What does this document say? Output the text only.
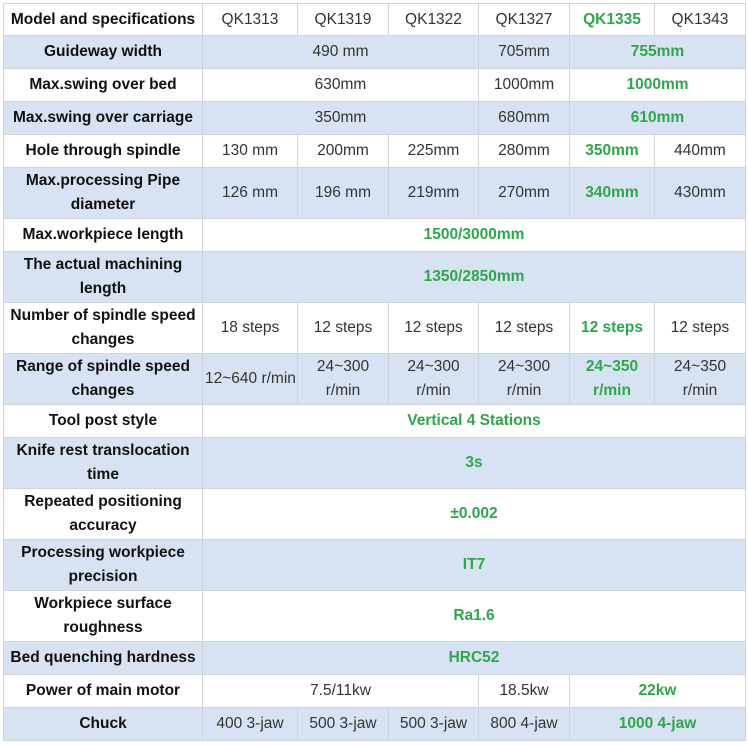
Model and specifications	QK1313	QK1319	QK1322	QK1327	QK1335	QK1343
Guideway width	490 mm			705mm	755mm	
Max.swing over bed	630mm			1000mm	1000mm	
Max.swing over carriage	350mm			680mm	610mm	
Hole through spindle	130 mm	200mm	225mm	280mm	350mm	440mm
Max.processing Pipe diameter	126 mm	196 mm	219mm	270mm	340mm	430mm
Max.workpiece length	1500/3000mm					
The actual machining length	1350/2850mm					
Number of spindle speed changes	18 steps	12 steps	12 steps	12 steps	12 steps	12 steps
Range of spindle speed changes	12~640 r/min	24~300 r/min	24~300 r/min	24~300 r/min	24~350 r/min	24~350 r/min
Tool post style	Vertical 4 Stations					
Knife rest translocation time	3s					
Repeated positioning accuracy	±0.002					
Processing workpiece precision	IT7					
Workpiece surface roughness	Ra1.6					
Bed quenching hardness	HRC52					
Power of main motor	7.5/11kw			18.5kw	22kw	
Chuck	400 3-jaw	500 3-jaw	500 3-jaw	800 4-jaw	1000 4-jaw	
